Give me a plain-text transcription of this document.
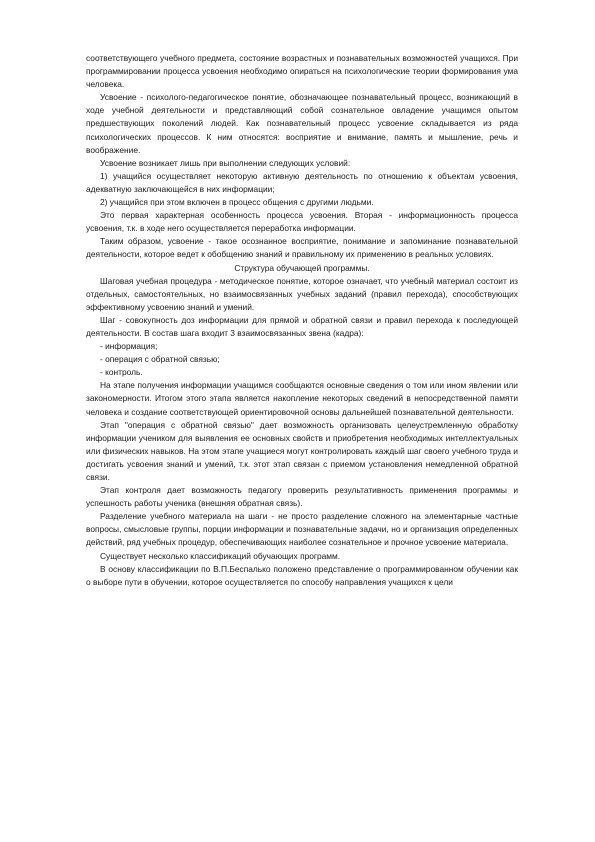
соответствующего учебного предмета, состояние возрастных и познавательных возможностей учащихся. При программировании процесса усвоения необходимо опираться на психологические теории формирования ума человека.

Усвоение - психолого-педагогическое понятие, обозначающее познавательный процесс, возникающий в ходе учебной деятельности и представляющий собой сознательное овладение учащимся опытом предшествующих поколений людей. Как познавательный процесс усвоение складывается из ряда психологических процессов. К ним относятся: восприятие и внимание, память и мышление, речь и воображение.

Усвоение возникает лишь при выполнении следующих условий:

1) учащийся осуществляет некоторую активную деятельность по отношению к объектам усвоения, адекватную заключающейся в них информации;

2) учащийся при этом включен в процесс общения с другими людьми.

Это первая характерная особенность процесса усвоения. Вторая - информационность процесса усвоения, т.к. в ходе него осуществляется переработка информации.

Таким образом, усвоение - такое осознанное восприятие, понимание и запоминание познавательной деятельности, которое ведет к обобщению знаний и правильному их применению в реальных условиях.

Структура обучающей программы.

Шаговая учебная процедура - методическое понятие, которое означает, что учебный материал состоит из отдельных, самостоятельных, но взаимосвязанных учебных заданий (правил перехода), способствующих эффективному усвоению знаний и умений.

Шаг - совокупность доз информации для прямой и обратной связи и правил перехода к последующей деятельности. В состав шага входит 3 взаимосвязанных звена (кадра):

- информация;

- операция с обратной связью;

- контроль.

На этапе получения информации учащимся сообщаются основные сведения о том или ином явлении или закономерности. Итогом этого этапа является накопление некоторых сведений в непосредственной памяти человека и создание соответствующей ориентировочной основы дальнейшей познавательной деятельности.

Этап "операция с обратной связью" дает возможность организовать целеустремленную обработку информации учеником для выявления ее основных свойств и приобретения необходимых интеллектуальных или физических навыков. На этом этапе учащиеся могут контролировать каждый шаг своего учебного труда и достигать усвоения знаний и умений, т.к. этот этап связан с приемом установления немедленной обратной связи.

Этап контроля дает возможность педагогу проверить результативность применения программы и успешность работы ученика (внешняя обратная связь).

Разделение учебного материала на шаги - не просто разделение сложного на элементарные частные вопросы, смысловые группы, порции информации и познавательные задачи, но и организация определенных действий, ряд учебных процедур, обеспечивающих наиболее сознательное и прочное усвоение материала.

Существует несколько классификаций обучающих программ.

В основу классификации по В.П.Беспалько положено представление о программированном обучении как о выборе пути в обучении, которое осуществляется по способу направления учащихся к цели
